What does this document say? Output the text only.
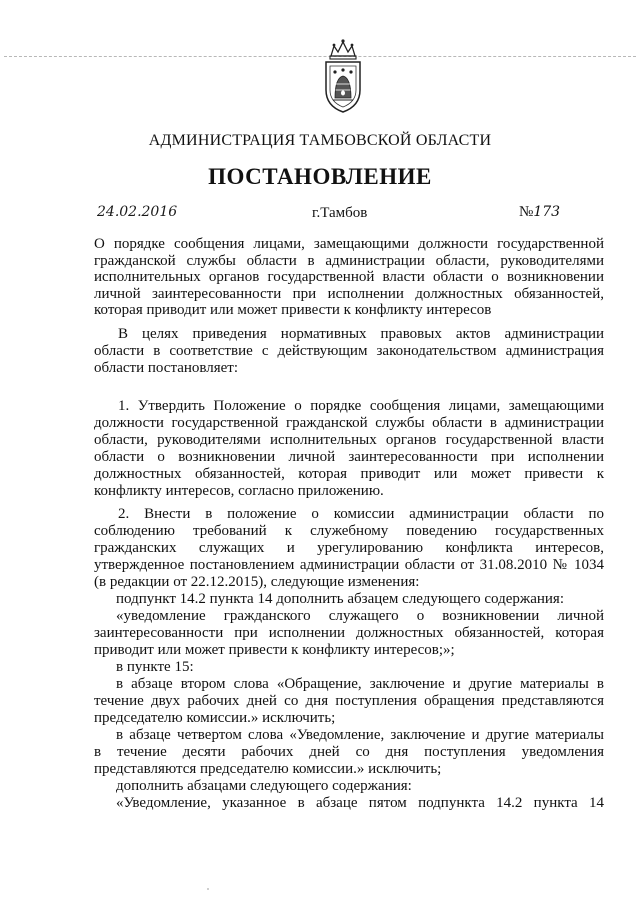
АДМИНИСТРАЦИЯ ТАМБОВСКОЙ ОБЛАСТИ
ПОСТАНОВЛЕНИЕ
24.02.2016	г.Тамбов	№173
О порядке сообщения лицами, замещающими должности государственной
гражданской службы области в администрации области, руководителями
исполнительных органов государственной власти области о возникновении
личной заинтересованности при исполнении должностных обязанностей,
которая приводит или может привести к конфликту интересов
В целях приведения нормативных правовых актов администрации
области в соответствие с действующим законодательством администрация
области постановляет:
1. Утвердить Положение о порядке сообщения лицами, замещающими
должности государственной гражданской службы области в администрации
области, руководителями исполнительных органов государственной власти
области о возникновении личной заинтересованности при исполнении
должностных обязанностей, которая приводит или может привести к
конфликту интересов, согласно приложению.
2. Внести в положение о комиссии администрации области по
соблюдению требований к служебному поведению государственных
гражданских служащих и урегулированию конфликта интересов,
утвержденное постановлением администрации области от 31.08.2010 № 1034
(в редакции от 22.12.2015), следующие изменения:
подпункт 14.2 пункта 14 дополнить абзацем следующего содержания:
«уведомление гражданского служащего о возникновении личной
заинтересованности при исполнении должностных обязанностей, которая
приводит или может привести к конфликту интересов;»;
в пункте 15:
в абзаце втором слова «Обращение, заключение и другие материалы в
течение двух рабочих дней со дня поступления обращения представляются
председателю комиссии.» исключить;
в абзаце четвертом слова «Уведомление, заключение и другие материалы
в течение десяти рабочих дней со дня поступления уведомления
представляются председателю комиссии.» исключить;
дополнить абзацами следующего содержания:
«Уведомление, указанное в абзаце пятом подпункта 14.2 пункта 14
